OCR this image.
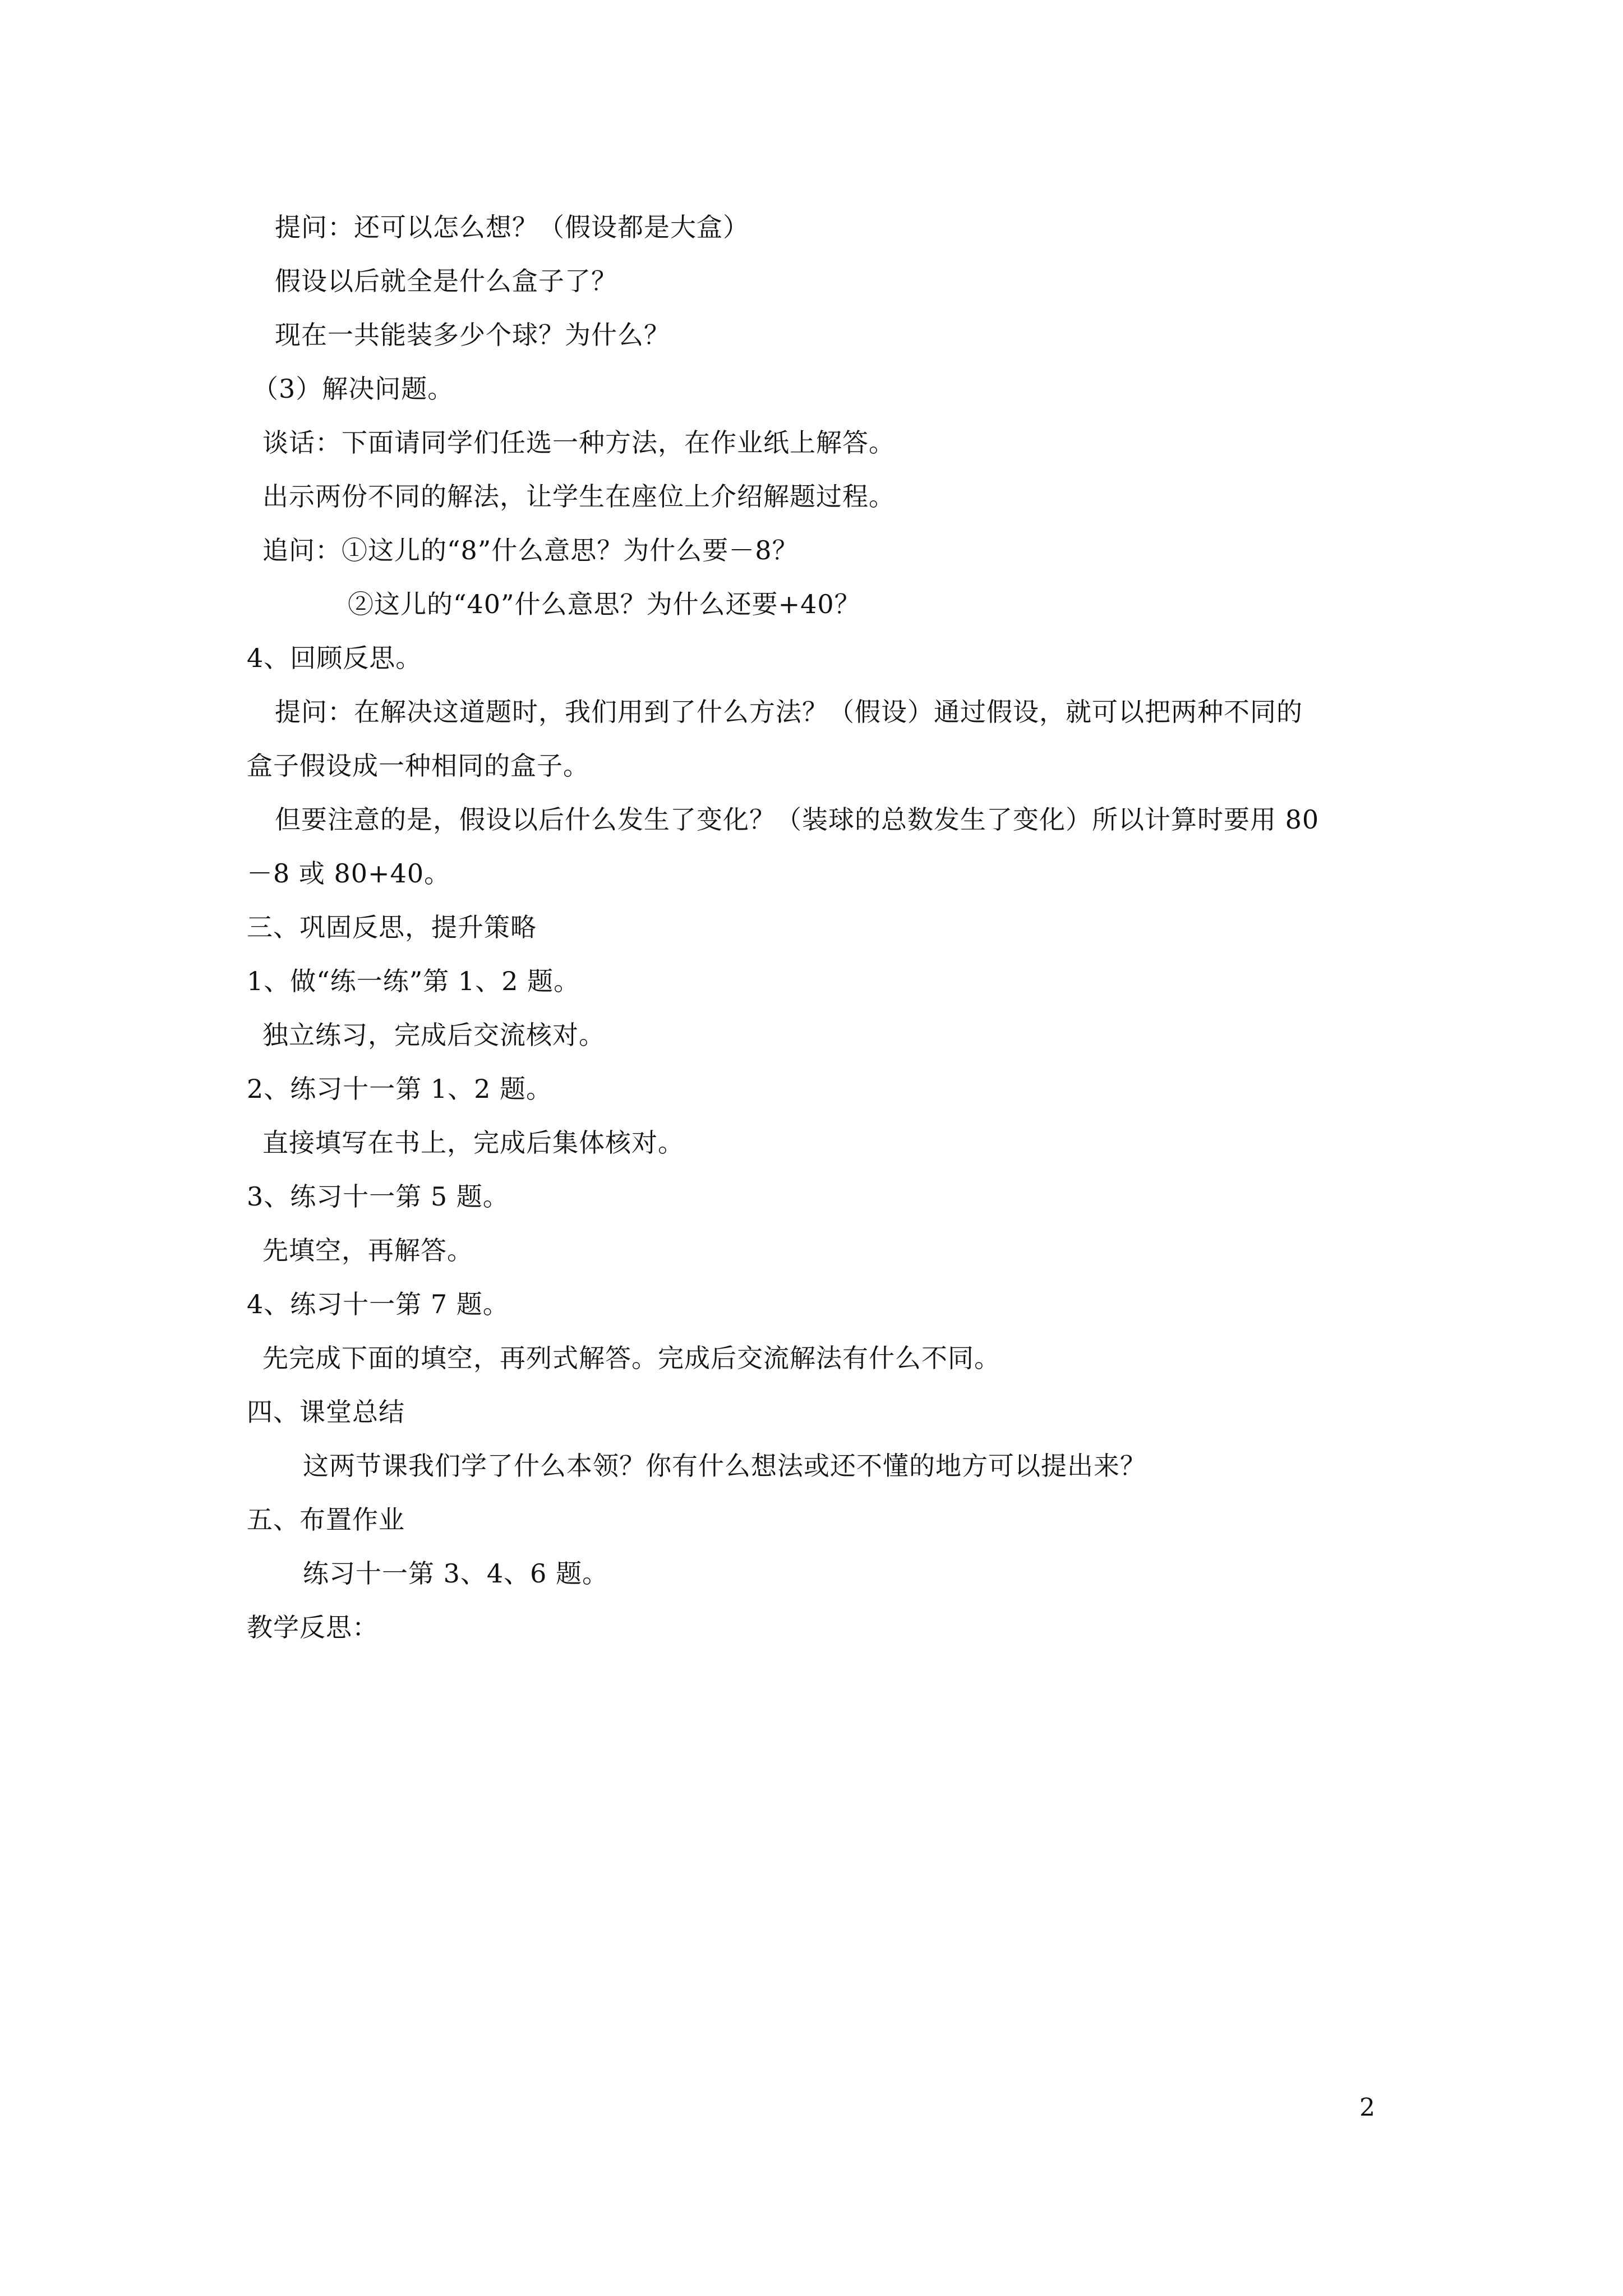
提问：还可以怎么想？（假设都是大盒）
假设以后就全是什么盒子了？
现在一共能装多少个球？为什么？
（3）解决问题。
谈话：下面请同学们任选一种方法，在作业纸上解答。
出示两份不同的解法，让学生在座位上介绍解题过程。
追问：①这儿的“8”什么意思？为什么要－8？
②这儿的“40”什么意思？为什么还要+40？
4、回顾反思。
提问：在解决这道题时，我们用到了什么方法？（假设）通过假设，就可以把两种不同的
盒子假设成一种相同的盒子。
但要注意的是，假设以后什么发生了变化？（装球的总数发生了变化）所以计算时要用 80
－8 或 80+40。
三、巩固反思，提升策略
1、做“练一练”第 1、2 题。
独立练习，完成后交流核对。
2、练习十一第 1、2 题。
直接填写在书上，完成后集体核对。
3、练习十一第 5 题。
先填空，再解答。
4、练习十一第 7 题。
先完成下面的填空，再列式解答。完成后交流解法有什么不同。
四、课堂总结
这两节课我们学了什么本领？你有什么想法或还不懂的地方可以提出来？
五、布置作业
练习十一第 3、4、6 题。
教学反思：
2
